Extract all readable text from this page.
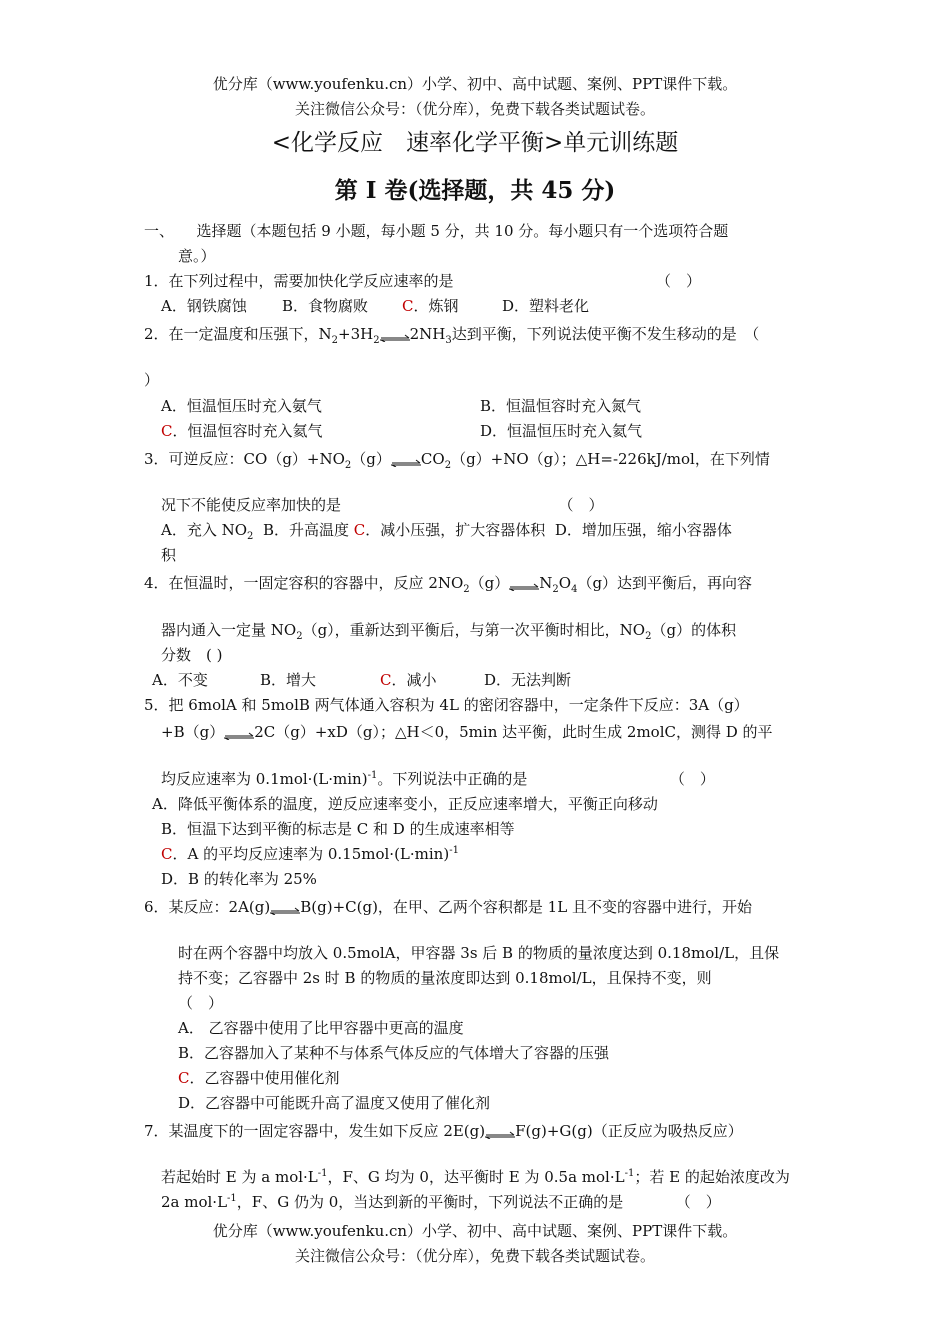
优分库（www.youfenku.cn）小学、初中、高中试题、案例、PPT课件下载。
关注微信公众号：（优分库），免费下载各类试题试卷。
<化学反应　速率化学平衡>单元训练题
第 I 卷(选择题，共 45 分)
一、　　选择题（本题包括 9 小题，每小题 5 分，共 10 分。每小题只有一个选项符合题
意。）
1．在下列过程中，需要加快化学反应速率的是　　　　　　　　　　　　　　（　）
A．钢铁腐蚀 B．食物腐败 C．炼钢	D．塑料老化
2．在一定温度和压强下，$N_2+3H_2\rightleftharpoons 2NH_3$达到平衡，下列说法使平衡不发生移动的是　（
）
A．恒温恒压时充入氨气	B．恒温恒容时充入氮气
C．恒温恒容时充入氦气	D．恒温恒压时充入氦气
3．可逆反应：$CO(g)+NO_2(g)\rightleftharpoons CO_2(g)+NO(g)$；△H=-226kJ/mol，在下列情
况下不能使反应率加快的是　　　　　　　　　　　　　　　（　）
A．充入 $NO_2$ B．升高温度 C．减小压强，扩大容器体积 D．增加压强，缩小容器体
积
4．在恒温时，一固定容积的容器中，反应 $2NO_2(g)\rightleftharpoons N_2O_4(g)$达到平衡后，再向容
器内通入一定量 $NO_2(g)$，重新达到平衡后，与第一次平衡时相比，$NO_2(g)$的体积
分数　( )
A．不变	B．增大	C．减小	D．无法判断
5．把 6molA 和 5molB 两气体通入容积为 4L 的密闭容器中，一定条件下反应：3A（g）
+B（g）⇌2C（g）+xD（g）；△H＜0，5min 达平衡，此时生成 2molC，测得 D 的平
均反应速率为 $0.1mol\cdot(L\cdot\min)^{-1}$。下列说法中正确的是　　　　　　　　　　（　）
A．降低平衡体系的温度，逆反应速率变小，正反应速率增大，平衡正向移动
B．恒温下达到平衡的标志是 C 和 D 的生成速率相等
C．A 的平均反应速率为 $0.15mol\cdot(L\cdot\min)^{-1}$
D．B 的转化率为 25%
6．某反应：2A(g)⇌B(g)+C(g)，在甲、乙两个容积都是 1L 且不变的容器中进行，开始
时在两个容器中均放入 0.5molA，甲容器 3s 后 B 的物质的量浓度达到 0.18mol/L，且保
持不变；乙容器中 2s 时 B 的物质的量浓度即达到 0.18mol/L，且保持不变，则
（　）
A． 乙容器中使用了比甲容器中更高的温度
B．乙容器加入了某种不与体系气体反应的气体增大了容器的压强
C．乙容器中使用催化剂
D．乙容器中可能既升高了温度又使用了催化剂
7．某温度下的一固定容器中，发生如下反应 2E(g)⇌F(g)+G(g)（正反应为吸热反应）
若起始时 E 为 a $mol\cdot L^{-1}$，F、G 均为 0，达平衡时 E 为 0.5a $mol\cdot L^{-1}$；若 E 的起始浓度改为
2a $mol\cdot L^{-1}$，F、G 仍为 0，当达到新的平衡时，下列说法不正确的是　　　　（　）
优分库（www.youfenku.cn）小学、初中、高中试题、案例、PPT课件下载。
关注微信公众号：（优分库），免费下载各类试题试卷。
